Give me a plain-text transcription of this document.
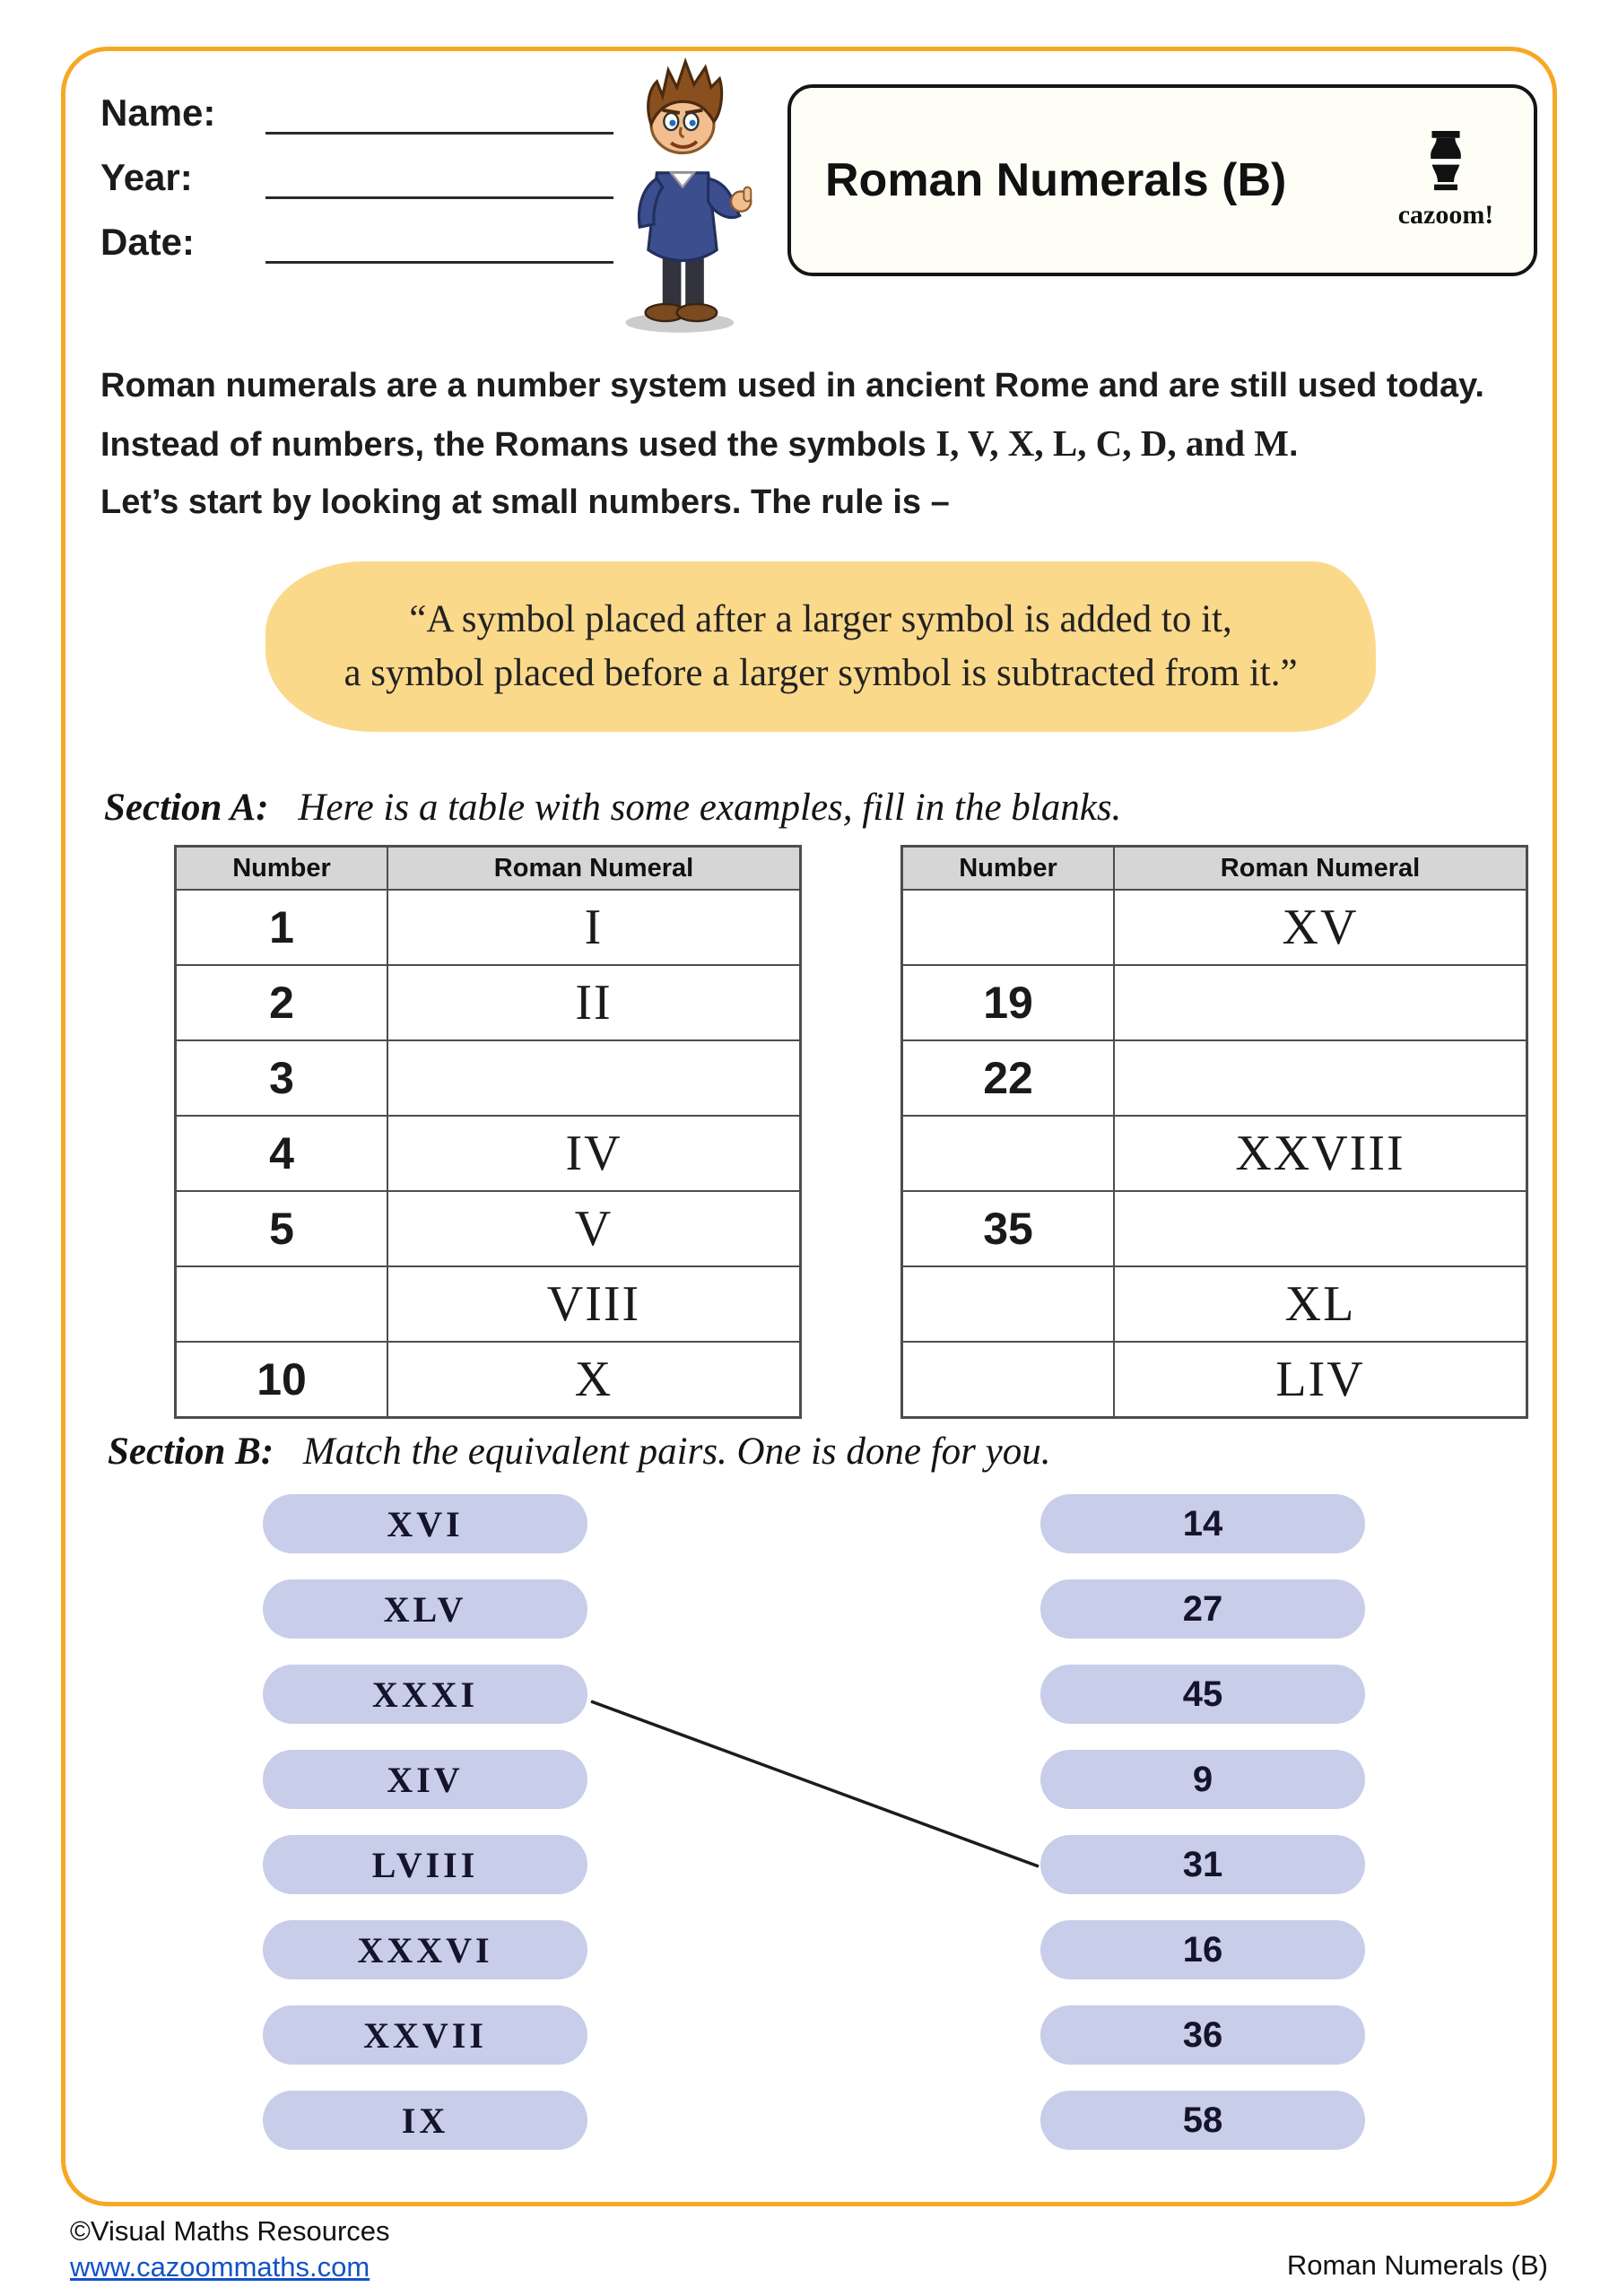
Name:
Year:
Date:
Roman Numerals (B)
cazoom!
Roman numerals are a number system used in ancient Rome and are still used today.
Instead of numbers, the Romans used the symbols I, V, X, L, C, D, and M.
Let’s start by looking at small numbers. The rule is –
“A symbol placed after a larger symbol is added to it,
a symbol placed before a larger symbol is subtracted from it.”
Section A: Here is a table with some examples, fill in the blanks.
Number	Roman Numeral
1	I
2	II
3	
4	IV
5	V
	VIII
10	X
Number	Roman Numeral
	XV
19	
22	
	XXVIII
35	
	XL
	LIV
Section B: Match the equivalent pairs. One is done for you.
XVI
XLV
XXXI
XIV
LVIII
XXXVI
XXVII
IX
14
27
45
9
31
16
36
58
©Visual Maths Resources
www.cazoommaths.com	Roman Numerals (B)
